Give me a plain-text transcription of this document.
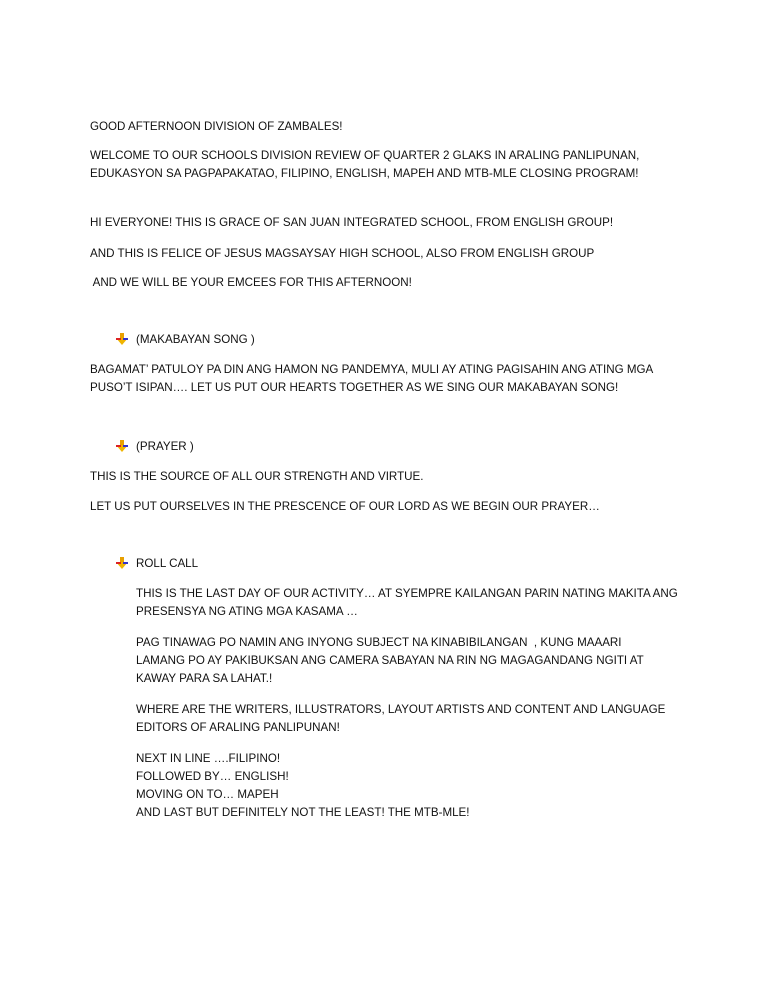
GOOD AFTERNOON DIVISION OF ZAMBALES!
WELCOME TO OUR SCHOOLS DIVISION REVIEW OF QUARTER 2 GLAKS IN ARALING PANLIPUNAN,
EDUKASYON SA PAGPAPAKATAO, FILIPINO, ENGLISH, MAPEH AND MTB-MLE CLOSING PROGRAM!
HI EVERYONE! THIS IS GRACE OF SAN JUAN INTEGRATED SCHOOL, FROM ENGLISH GROUP!
AND THIS IS FELICE OF JESUS MAGSAYSAY HIGH SCHOOL, ALSO FROM ENGLISH GROUP
AND WE WILL BE YOUR EMCEES FOR THIS AFTERNOON!
(MAKABAYAN SONG )
BAGAMAT’ PATULOY PA DIN ANG HAMON NG PANDEMYA, MULI AY ATING PAGISAHIN ANG ATING MGA
PUSO’T ISIPAN…. LET US PUT OUR HEARTS TOGETHER AS WE SING OUR MAKABAYAN SONG!
(PRAYER )
THIS IS THE SOURCE OF ALL OUR STRENGTH AND VIRTUE.
LET US PUT OURSELVES IN THE PRESCENCE OF OUR LORD AS WE BEGIN OUR PRAYER…
ROLL CALL
THIS IS THE LAST DAY OF OUR ACTIVITY… AT SYEMPRE KAILANGAN PARIN NATING MAKITA ANG
PRESENSYA NG ATING MGA KASAMA …
PAG TINAWAG PO NAMIN ANG INYONG SUBJECT NA KINABIBILANGAN  , KUNG MAAARI
LAMANG PO AY PAKIBUKSAN ANG CAMERA SABAYAN NA RIN NG MAGAGANDANG NGITI AT
KAWAY PARA SA LAHAT.!
WHERE ARE THE WRITERS, ILLUSTRATORS, LAYOUT ARTISTS AND CONTENT AND LANGUAGE
EDITORS OF ARALING PANLIPUNAN!
NEXT IN LINE ….FILIPINO!
FOLLOWED BY… ENGLISH!
MOVING ON TO… MAPEH
AND LAST BUT DEFINITELY NOT THE LEAST! THE MTB-MLE!
